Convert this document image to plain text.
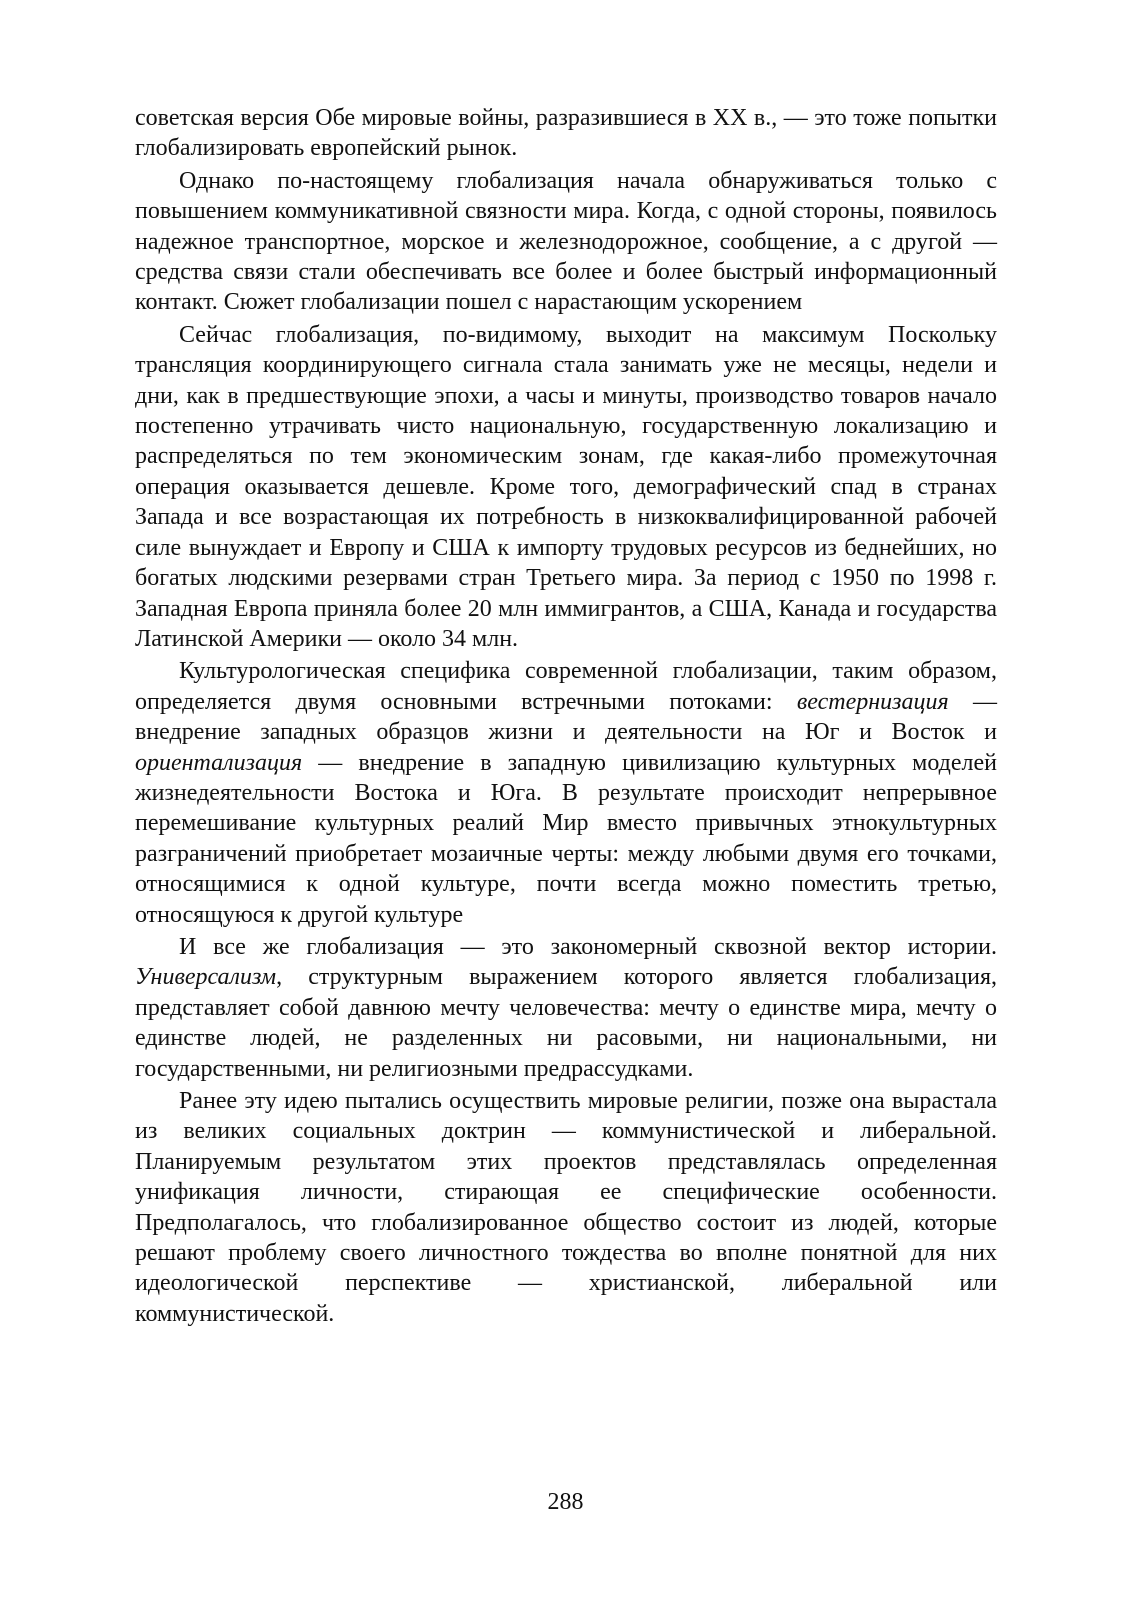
советская версия Обе мировые войны, разразившиеся в XX в., — это тоже попытки глобализировать европейский рынок.

Однако по-настоящему глобализация начала обнаруживаться только с повышением коммуникативной связности мира. Когда, с одной стороны, появилось надежное транспортное, морское и железнодорожное, сообщение, а с другой — средства связи стали обеспечивать все более и более быстрый информационный контакт. Сюжет глобализации пошел с нарастающим ускорением

Сейчас глобализация, по-видимому, выходит на максимум Поскольку трансляция координирующего сигнала стала занимать уже не месяцы, недели и дни, как в предшествующие эпохи, а часы и минуты, производство товаров начало постепенно утрачивать чисто национальную, государственную локализацию и распределяться по тем экономическим зонам, где какая-либо промежуточная операция оказывается дешевле. Кроме того, демографический спад в странах Запада и все возрастающая их потребность в низкоквалифицированной рабочей силе вынуждает и Европу и США к импорту трудовых ресурсов из беднейших, но богатых людскими резервами стран Третьего мира. За период с 1950 по 1998 г. Западная Европа приняла более 20 млн иммигрантов, а США, Канада и государства Латинской Америки — около 34 млн.

Культурологическая специфика современной глобализации, таким образом, определяется двумя основными встречными потоками: вестернизация — внедрение западных образцов жизни и деятельности на Юг и Восток и ориентализация — внедрение в западную цивилизацию культурных моделей жизнедеятельности Востока и Юга. В результате происходит непрерывное перемешивание культурных реалий Мир вместо привычных этнокультурных разграничений приобретает мозаичные черты: между любыми двумя его точками, относящимися к одной культуре, почти всегда можно поместить третью, относящуюся к другой культуре

И все же глобализация — это закономерный сквозной вектор истории. Универсализм, структурным выражением которого является глобализация, представляет собой давнюю мечту человечества: мечту о единстве мира, мечту о единстве людей, не разделенных ни расовыми, ни национальными, ни государственными, ни религиозными предрассудками.

Ранее эту идею пытались осуществить мировые религии, позже она вырастала из великих социальных доктрин — коммунистической и либеральной. Планируемым результатом этих проектов представлялась определенная унификация личности, стирающая ее специфические особенности. Предполагалось, что глобализированное общество состоит из людей, которые решают проблему своего личностного тождества во вполне понятной для них идеологической перспективе — христианской, либеральной или коммунистической.

288
